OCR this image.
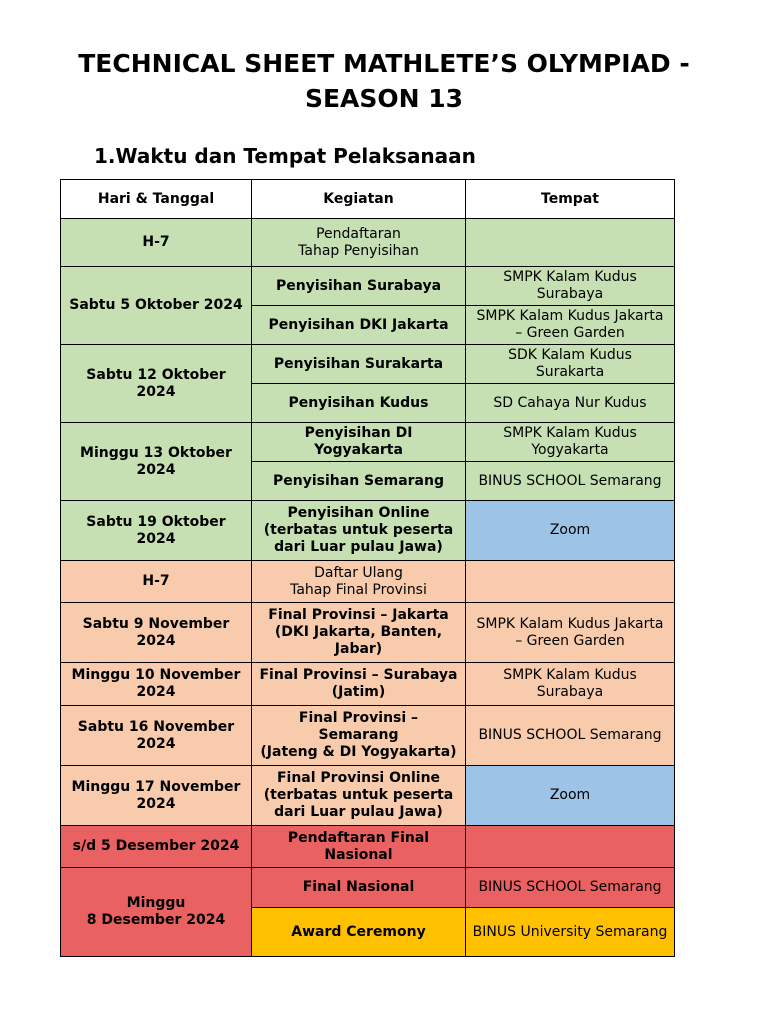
TECHNICAL SHEET MATHLETE’S OLYMPIAD -
SEASON 13
1.Waktu dan Tempat Pelaksanaan
Hari & Tanggal	Kegiatan	Tempat
H-7	Pendaftaran
Tahap Penyisihan	

Sabtu 5 Oktober 2024	Penyisihan Surabaya	SMPK Kalam Kudus
Surabaya

	Penyisihan DKI Jakarta	SMPK Kalam Kudus Jakarta
– Green Garden

Sabtu 12 Oktober
2024	Penyisihan Surakarta	SDK Kalam Kudus Surakarta
	Penyisihan Kudus	SD Cahaya Nur Kudus

Minggu 13 Oktober
2024	Penyisihan DI Yogyakarta	SMPK Kalam Kudus
Yogyakarta

	Penyisihan Semarang	BINUS SCHOOL Semarang

Sabtu 19 Oktober
2024	Penyisihan Online
(terbatas untuk peserta
dari Luar pulau Jawa)	Zoom
H-7	Daftar Ulang
Tahap Final Provinsi	

Sabtu 9 November
2024	Final Provinsi – Jakarta
(DKI Jakarta, Banten,
Jabar)	SMPK Kalam Kudus Jakarta
– Green Garden

Minggu 10 November
2024	Final Provinsi – Surabaya
(Jatim)	SMPK Kalam Kudus
Surabaya

Sabtu 16 November
2024	Final Provinsi –
Semarang
(Jateng & DI Yogyakarta)	BINUS SCHOOL Semarang

Minggu 17 November
2024	Final Provinsi Online
(terbatas untuk peserta
dari Luar pulau Jawa)	Zoom
s/d 5 Desember 2024	Pendaftaran Final
Nasional	

Minggu
8 Desember 2024	Final Nasional	BINUS SCHOOL Semarang
	Award Ceremony	BINUS University Semarang
